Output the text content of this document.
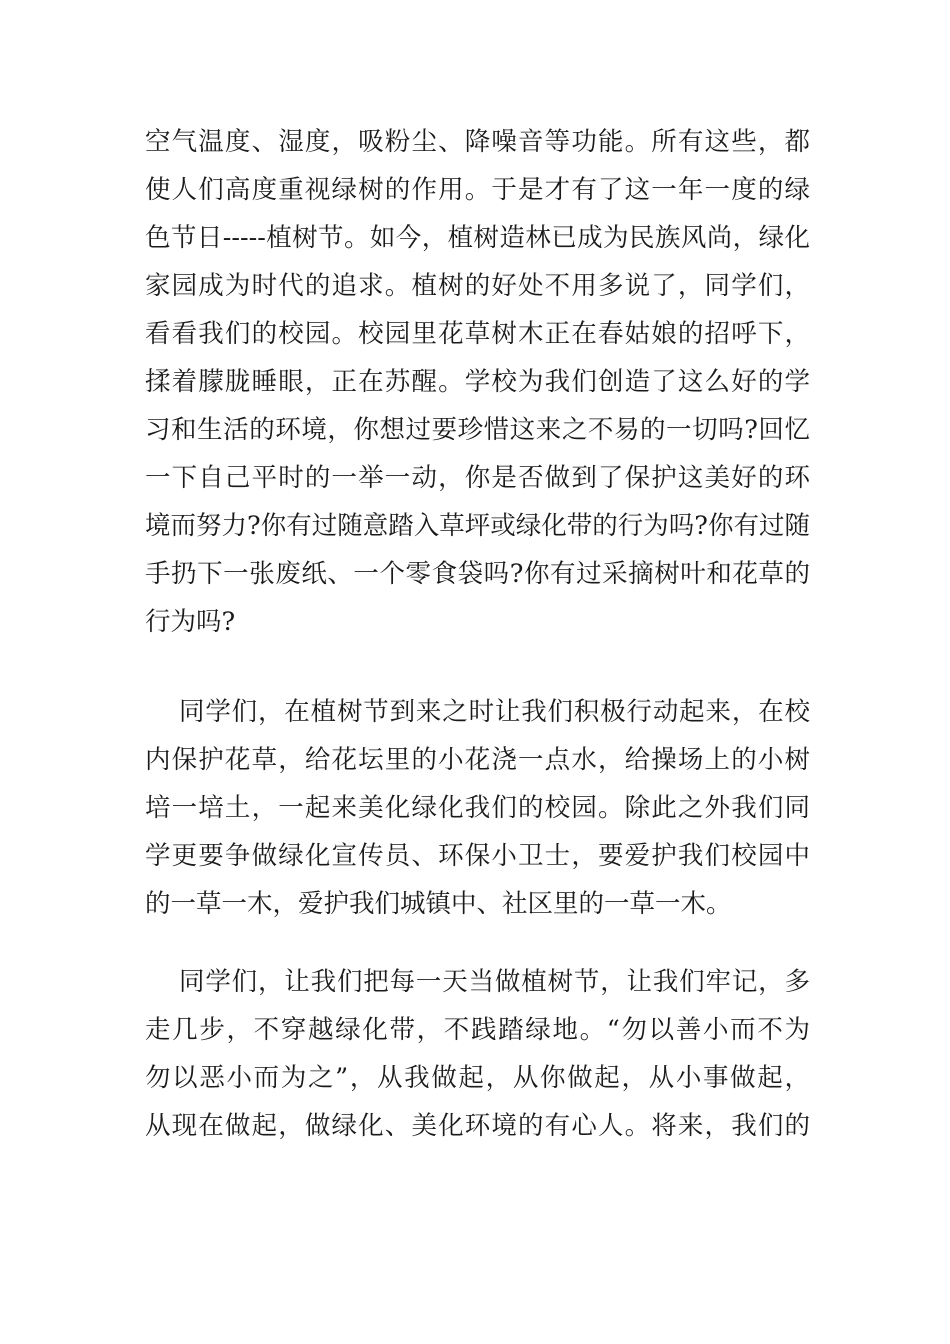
空气温度、湿度，吸粉尘、降噪音等功能。所有这些，都
使人们高度重视绿树的作用。于是才有了这一年一度的绿
色节日-----植树节。如今，植树造林已成为民族风尚，绿化
家园成为时代的追求。植树的好处不用多说了，同学们，
看看我们的校园。校园里花草树木正在春姑娘的招呼下，
揉着朦胧睡眼，正在苏醒。学校为我们创造了这么好的学
习和生活的环境，你想过要珍惜这来之不易的一切吗?回忆
一下自己平时的一举一动，你是否做到了保护这美好的环
境而努力?你有过随意踏入草坪或绿化带的行为吗?你有过随
手扔下一张废纸、一个零食袋吗?你有过采摘树叶和花草的
行为吗?
同学们，在植树节到来之时让我们积极行动起来，在校
内保护花草，给花坛里的小花浇一点水，给操场上的小树
培一培土，一起来美化绿化我们的校园。除此之外我们同
学更要争做绿化宣传员、环保小卫士，要爱护我们校园中
的一草一木，爱护我们城镇中、社区里的一草一木。
同学们，让我们把每一天当做植树节，让我们牢记，多
走几步，不穿越绿化带，不践踏绿地。“勿以善小而不为
勿以恶小而为之”，从我做起，从你做起，从小事做起，
从现在做起，做绿化、美化环境的有心人。将来，我们的
